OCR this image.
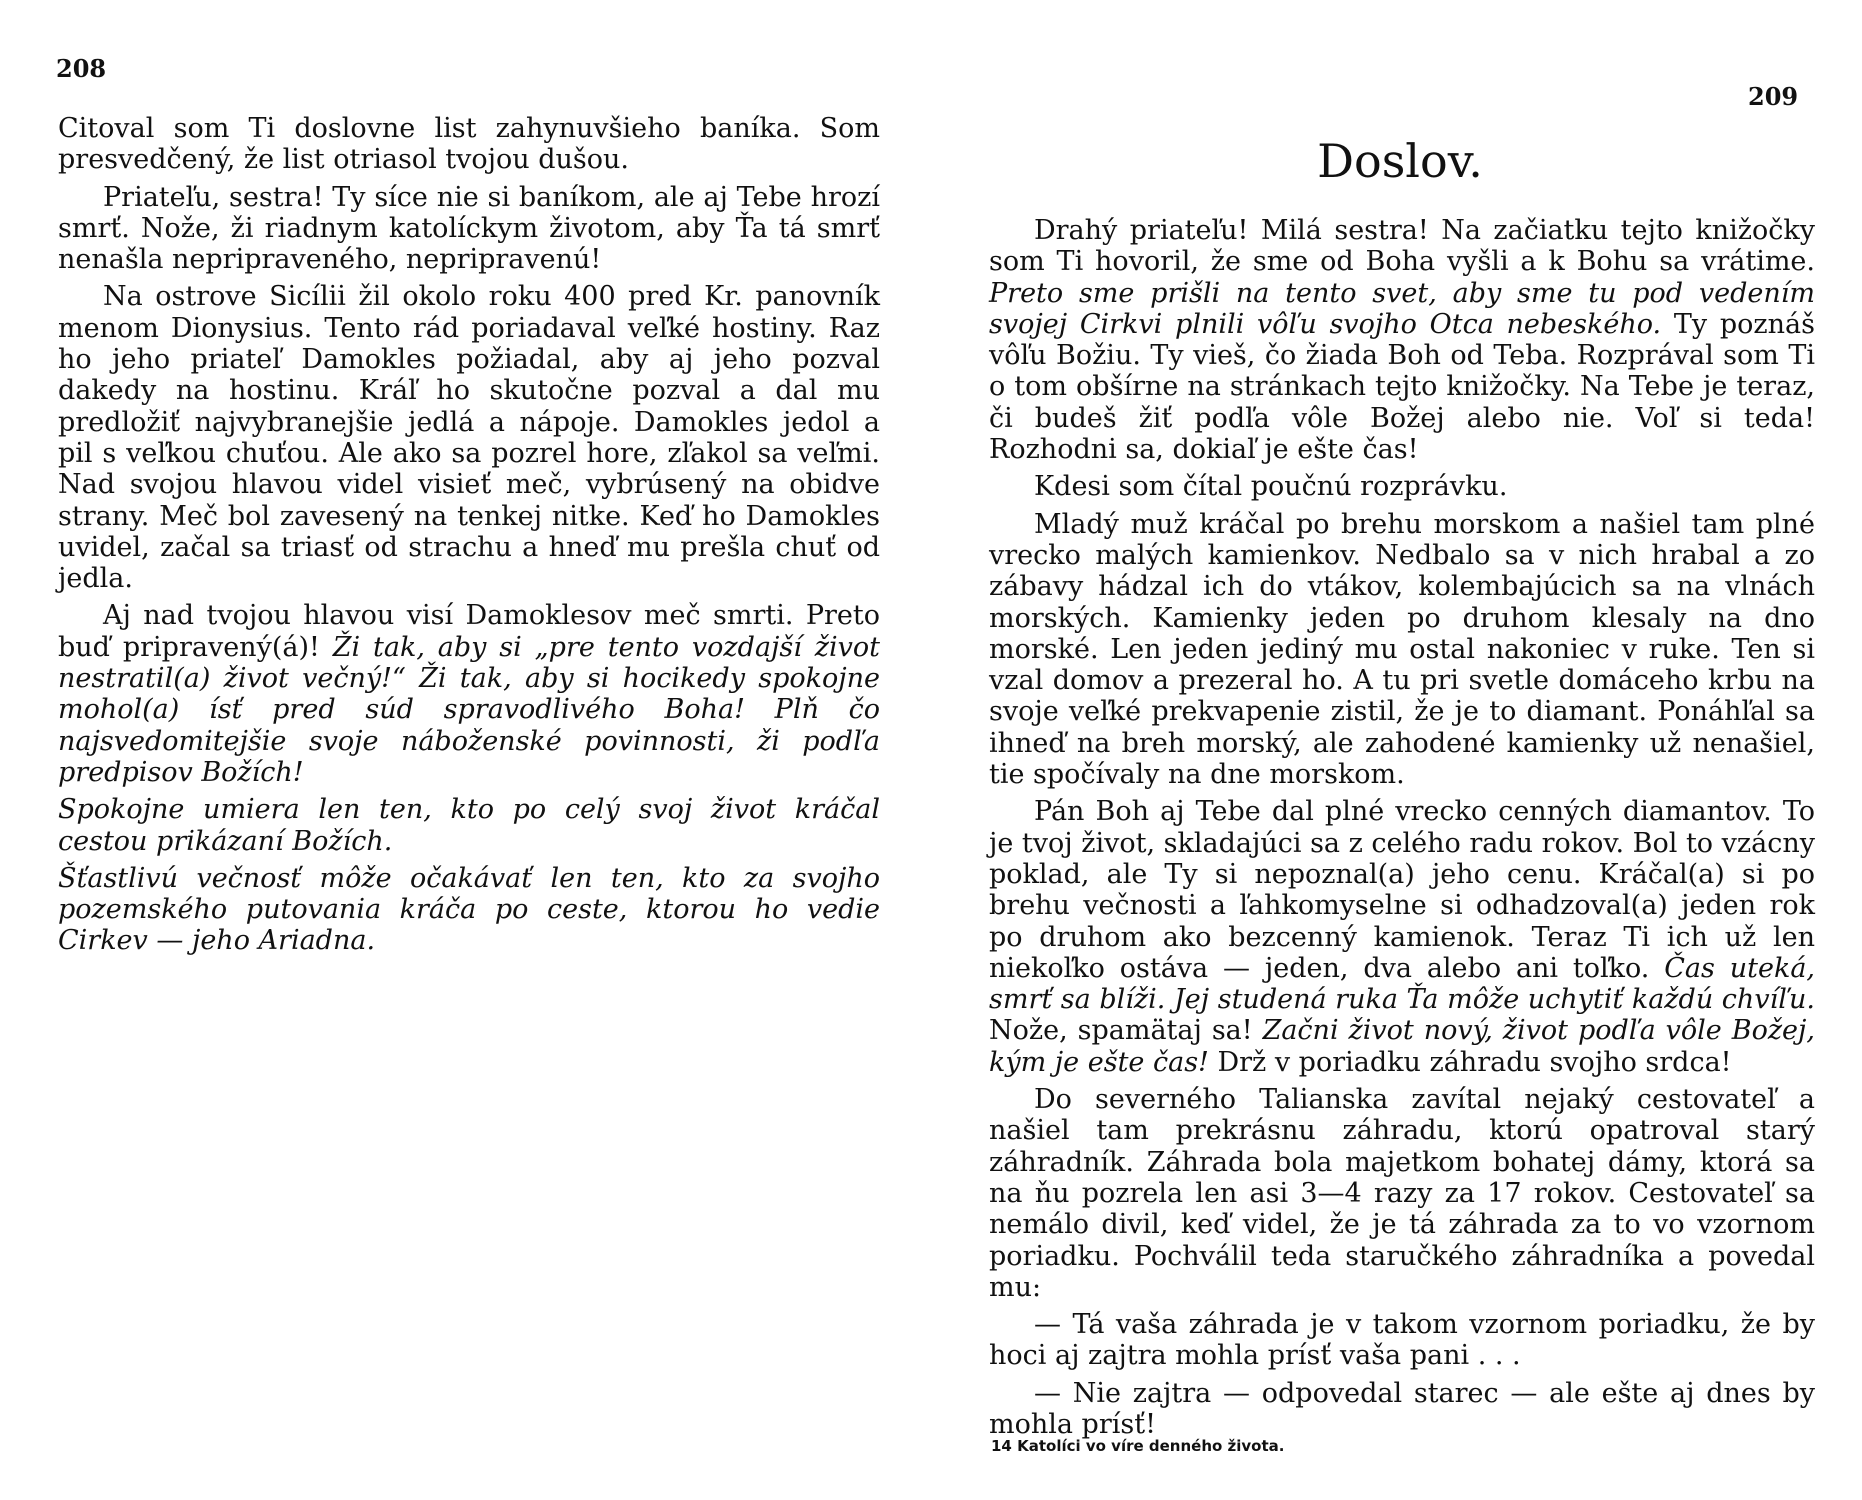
208

Citoval som Ti doslovne list zahynuvšieho baníka. Som presvedčený, že list otriasol tvojou dušou.

Priateľu, sestra! Ty síce nie si baníkom, ale aj Tebe hrozí smrť. Nože, ži riadnym katolíckym životom, aby Ťa tá smrť nenašla nepripraveného, nepripravenú!

Na ostrove Sicílii žil okolo roku 400 pred Kr. panovník menom Dionysius. Tento rád poriadaval veľké hostiny. Raz ho jeho priateľ Damokles požiadal, aby aj jeho pozval dakedy na hostinu. Kráľ ho skutočne pozval a dal mu predložiť najvybranejšie jedlá a nápoje. Damokles jedol a pil s veľkou chuťou. Ale ako sa pozrel hore, zľakol sa veľmi. Nad svojou hlavou videl visieť meč, vybrúsený na obidve strany. Meč bol zavesený na tenkej nitke. Keď ho Damokles uvidel, začal sa triasť od strachu a hneď mu prešla chuť od jedla.

Aj nad tvojou hlavou visí Damoklesov meč smrti. Preto buď pripravený(á)! Ži tak, aby si „pre tento vozdajší život nestratil(a) život večný!“ Ži tak, aby si hocikedy spokojne mohol(a) ísť pred súd spravodlivého Boha! Plň čo najsvedomitejšie svoje náboženské povinnosti, ži podľa predpisov Božích!

Spokojne umiera len ten, kto po celý svoj život kráčal cestou prikázaní Božích.

Šťastlivú večnosť môže očakávať len ten, kto za svojho pozemského putovania kráča po ceste, ktorou ho vedie Cirkev — jeho Ariadna.

209
Doslov.

Drahý priateľu! Milá sestra! Na začiatku tejto knižočky som Ti hovoril, že sme od Boha vyšli a k Bohu sa vrátime. Preto sme prišli na tento svet, aby sme tu pod vedením svojej Cirkvi plnili vôľu svojho Otca nebeského. Ty poznáš vôľu Božiu. Ty vieš, čo žiada Boh od Teba. Rozprával som Ti o tom obšírne na stránkach tejto knižočky. Na Tebe je teraz, či budeš žiť podľa vôle Božej alebo nie. Voľ si teda! Rozhodni sa, dokiaľ je ešte čas!

Kdesi som čítal poučnú rozprávku.

Mladý muž kráčal po brehu morskom a našiel tam plné vrecko malých kamienkov. Nedbalo sa v nich hrabal a zo zábavy hádzal ich do vtákov, kolembajúcich sa na vlnách morských. Kamienky jeden po druhom klesaly na dno morské. Len jeden jediný mu ostal nakoniec v ruke. Ten si vzal domov a prezeral ho. A tu pri svetle domáceho krbu na svoje veľké prekvapenie zistil, že je to diamant. Ponáhľal sa ihneď na breh morský, ale zahodené kamienky už nenašiel, tie spočívaly na dne morskom.

Pán Boh aj Tebe dal plné vrecko cenných diamantov. To je tvoj život, skladajúci sa z celého radu rokov. Bol to vzácny poklad, ale Ty si nepoznal(a) jeho cenu. Kráčal(a) si po brehu večnosti a ľahkomyselne si odhadzoval(a) jeden rok po druhom ako bezcenný kamienok. Teraz Ti ich už len niekoľko ostáva — jeden, dva alebo ani toľko. Čas uteká, smrť sa blíži. Jej studená ruka Ťa môže uchytiť každú chvíľu. Nože, spamätaj sa! Začni život nový, život podľa vôle Božej, kým je ešte čas! Drž v poriadku záhradu svojho srdca!

Do severného Talianska zavítal nejaký cestovateľ a našiel tam prekrásnu záhradu, ktorú opatroval starý záhradník. Záhrada bola majetkom bohatej dámy, ktorá sa na ňu pozrela len asi 3—4 razy za 17 rokov. Cestovateľ sa nemálo divil, keď videl, že je tá záhrada za to vo vzornom poriadku. Pochválil teda staručkého záhradníka a povedal mu:

— Tá vaša záhrada je v takom vzornom poriadku, že by hoci aj zajtra mohla prísť vaša pani . . .

— Nie zajtra — odpovedal starec — ale ešte aj dnes by mohla prísť!

14 Katolíci vo víre denného života.
